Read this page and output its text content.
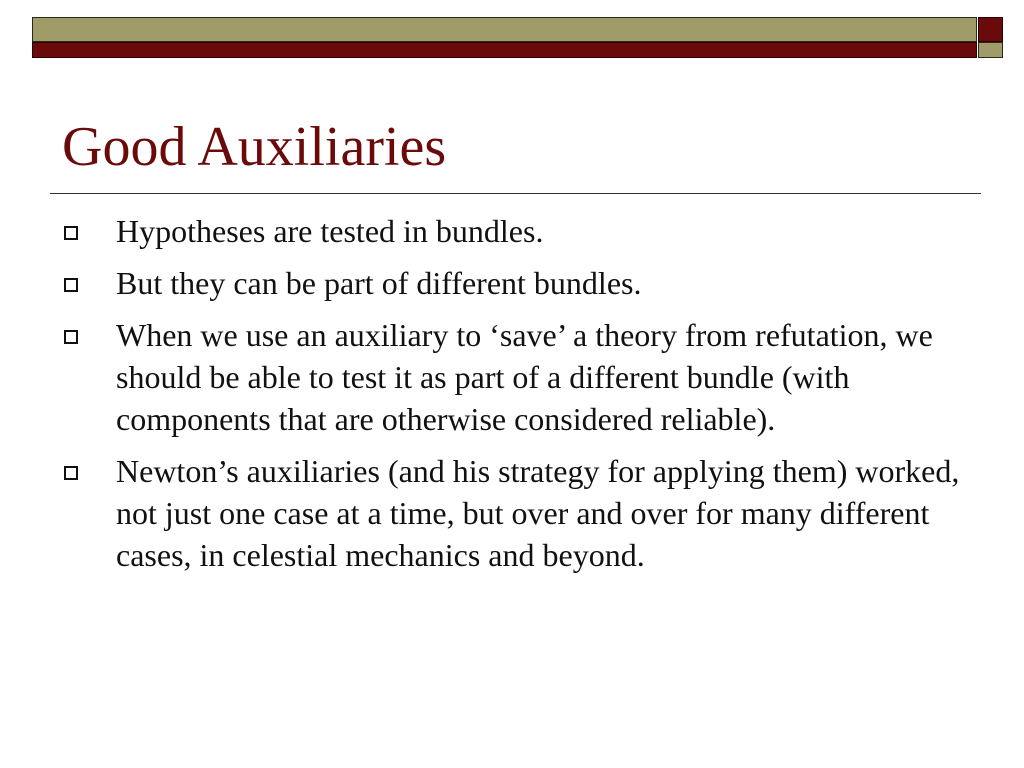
Good Auxiliaries
Hypotheses are tested in bundles.
But they can be part of different bundles.
When we use an auxiliary to ‘save’ a theory from refutation, we should be able to test it as part of a different bundle (with components that are otherwise considered reliable).
Newton’s auxiliaries (and his strategy for applying them) worked, not just one case at a time, but over and over for many different cases, in celestial mechanics and beyond.
